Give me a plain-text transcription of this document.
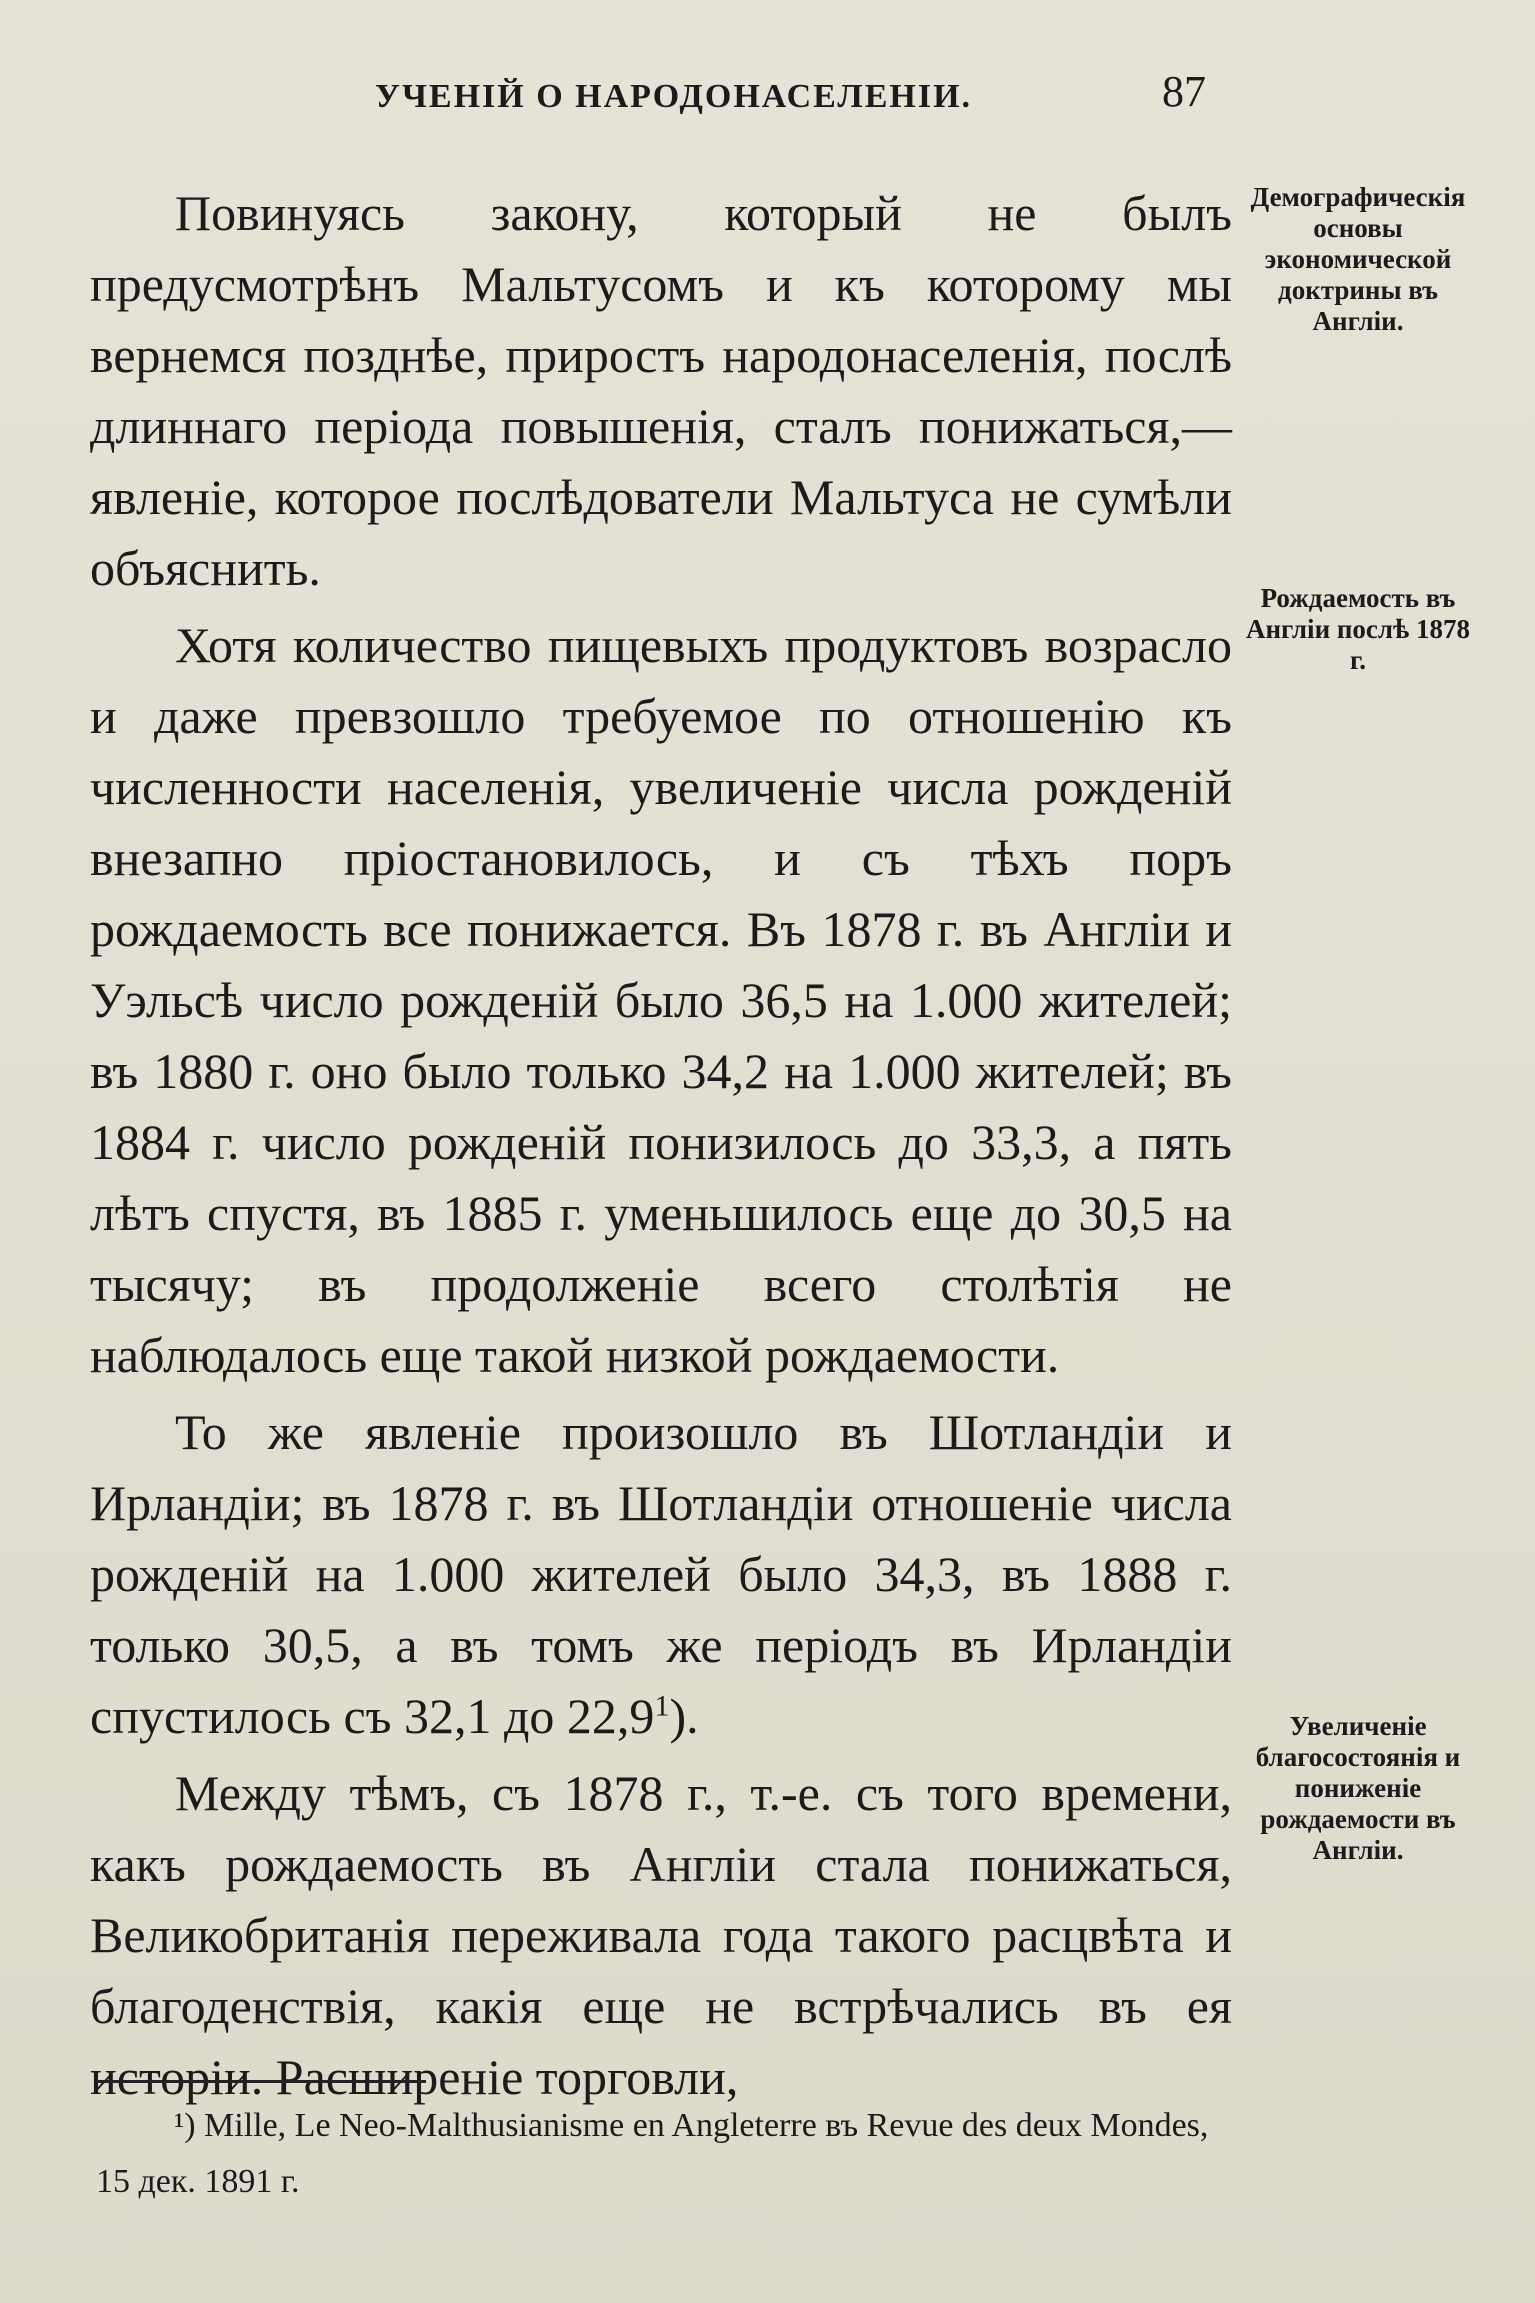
УЧЕНІЙ О НАРОДОНАСЕЛЕНІИ.	87

Повинуясь закону, который не былъ предусмотрѣнъ Мальтусомъ и къ которому мы вернемся позднѣе, приростъ народонаселенія, послѣ длиннаго періода повышенія, сталъ понижаться,— явленіе, которое послѣдователи Мальтуса не сумѣли объяснить.

Хотя количество пищевыхъ продуктовъ возрасло и даже превзошло требуемое по отношенію къ численности населенія, увеличеніе числа рожденій внезапно пріостановилось, и съ тѣхъ поръ рождаемость все понижается. Въ 1878 г. въ Англіи и Уэльсѣ число рожденій было 36,5 на 1.000 жителей; въ 1880 г. оно было только 34,2 на 1.000 жителей; въ 1884 г. число рожденій понизилось до 33,3, а пять лѣтъ спустя, въ 1885 г. уменьшилось еще до 30,5 на тысячу; въ продолженіе всего столѣтія не наблюдалось еще такой низкой рождаемости.

То же явленіе произошло въ Шотландіи и Ирландіи; въ 1878 г. въ Шотландіи отношеніе числа рожденій на 1.000 жителей было 34,3, въ 1888 г. только 30,5, а въ томъ же періодъ въ Ирландіи спустилось съ 32,1 до 22,9$^1$).

Между тѣмъ, съ 1878 г., т.-е. съ того времени, какъ рождаемость въ Англіи стала понижаться, Великобританія переживала года такого расцвѣта и благоденствія, какія еще не встрѣчались въ ея исторіи. Расширеніе торговли,

Демографическія основы экономической доктрины въ Англіи.

Рождаемость въ Англіи послѣ 1878 г.

Увеличеніе благосостоянія и пониженіе рождаемости въ Англіи.

¹) Mille, Le Neo-Malthusianisme en Angleterre въ Revue des deux Mondes, 15 дек. 1891 г.
